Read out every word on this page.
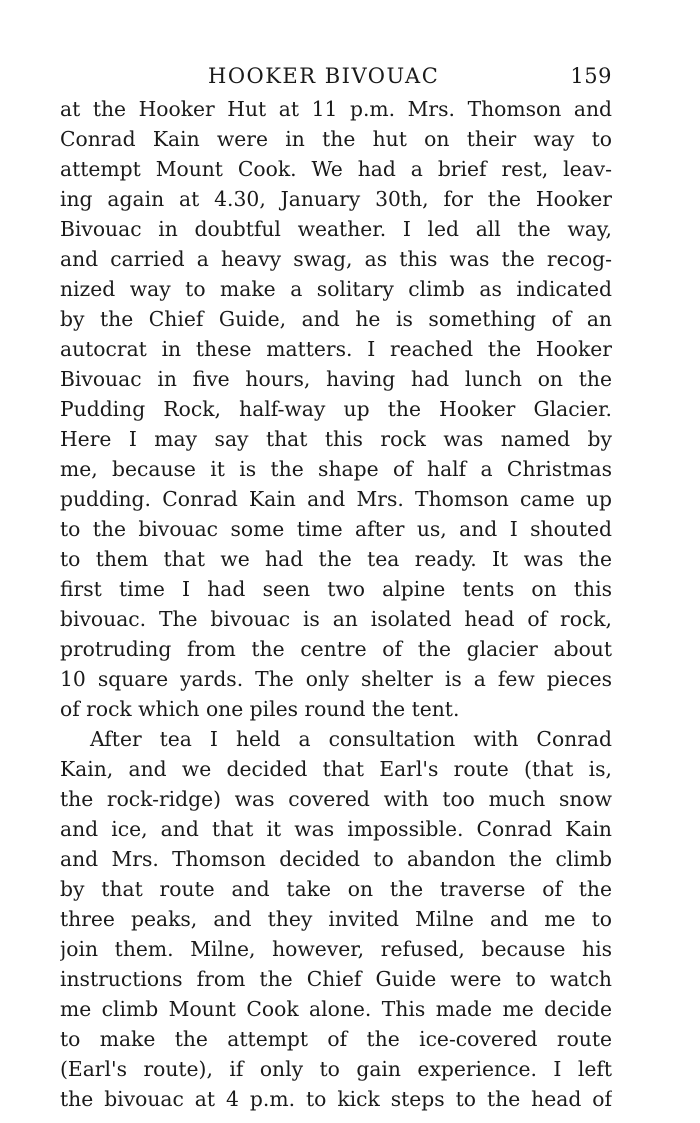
HOOKER BIVOUAC	159
at the Hooker Hut at 11 p.m. Mrs. Thomson and
Conrad Kain were in the hut on their way to
attempt Mount Cook. We had a brief rest, leav-
ing again at 4.30, January 30th, for the Hooker
Bivouac in doubtful weather. I led all the way,
and carried a heavy swag, as this was the recog-
nized way to make a solitary climb as indicated
by the Chief Guide, and he is something of an
autocrat in these matters. I reached the Hooker
Bivouac in five hours, having had lunch on the
Pudding Rock, half-way up the Hooker Glacier.
Here I may say that this rock was named by
me, because it is the shape of half a Christmas
pudding. Conrad Kain and Mrs. Thomson came up
to the bivouac some time after us, and I shouted
to them that we had the tea ready. It was the
first time I had seen two alpine tents on this
bivouac. The bivouac is an isolated head of rock,
protruding from the centre of the glacier about
10 square yards. The only shelter is a few pieces
of rock which one piles round the tent.
After tea I held a consultation with Conrad
Kain, and we decided that Earl's route (that is,
the rock-ridge) was covered with too much snow
and ice, and that it was impossible. Conrad Kain
and Mrs. Thomson decided to abandon the climb
by that route and take on the traverse of the
three peaks, and they invited Milne and me to
join them. Milne, however, refused, because his
instructions from the Chief Guide were to watch
me climb Mount Cook alone. This made me decide
to make the attempt of the ice-covered route
(Earl's route), if only to gain experience. I left
the bivouac at 4 p.m. to kick steps to the head of
